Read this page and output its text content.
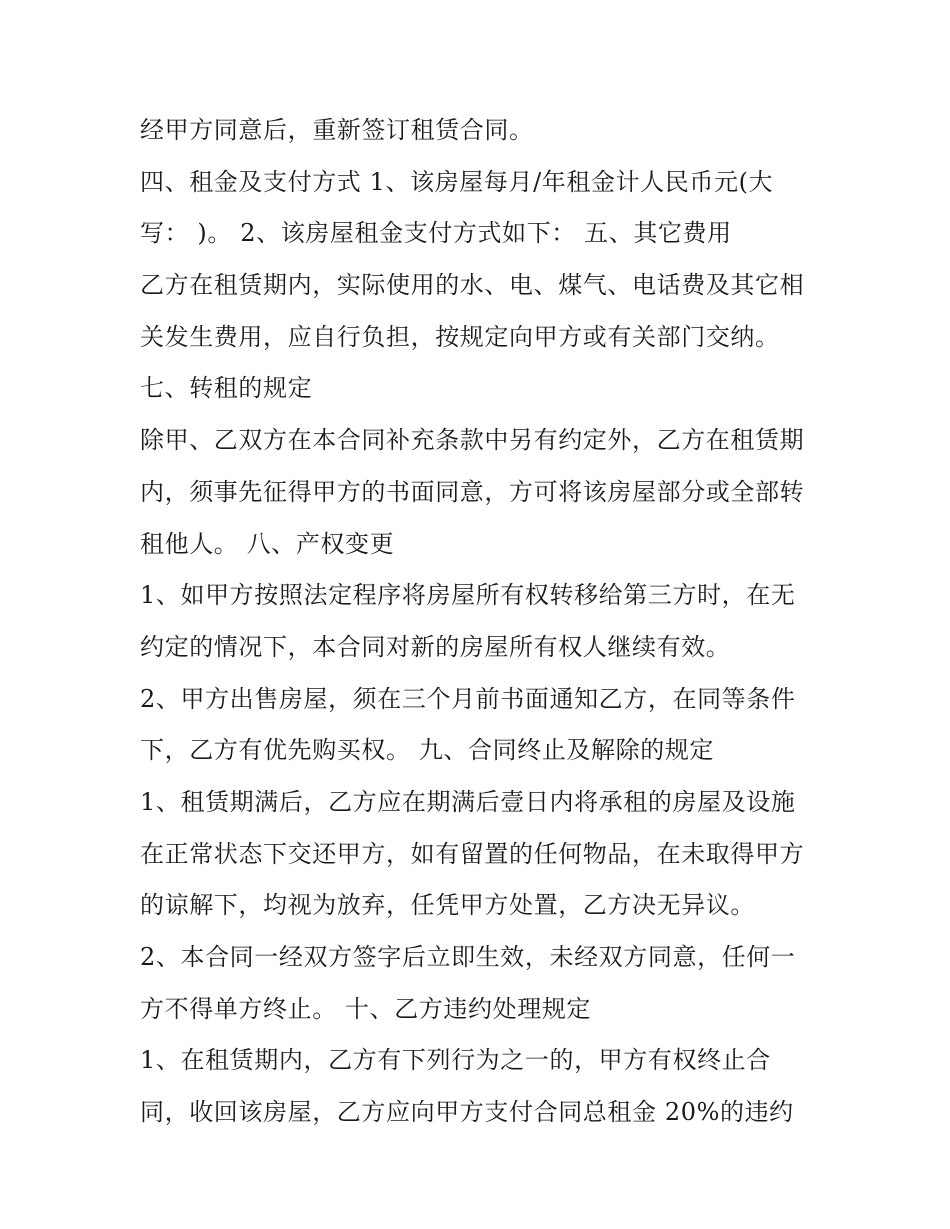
经甲方同意后，重新签订租赁合同。
四、租金及支付方式 1、该房屋每月/年租金计人民币元(大
写： )。 2、该房屋租金支付方式如下： 五、其它费用
乙方在租赁期内，实际使用的水、电、煤气、电话费及其它相
关发生费用，应自行负担，按规定向甲方或有关部门交纳。
七、转租的规定
除甲、乙双方在本合同补充条款中另有约定外，乙方在租赁期
内，须事先征得甲方的书面同意，方可将该房屋部分或全部转
租他人。 八、产权变更
1、如甲方按照法定程序将房屋所有权转移给第三方时，在无
约定的情况下，本合同对新的房屋所有权人继续有效。
2、甲方出售房屋，须在三个月前书面通知乙方，在同等条件
下，乙方有优先购买权。 九、合同终止及解除的规定
1、租赁期满后，乙方应在期满后壹日内将承租的房屋及设施
在正常状态下交还甲方，如有留置的任何物品，在未取得甲方
的谅解下，均视为放弃，任凭甲方处置，乙方决无异议。
2、本合同一经双方签字后立即生效，未经双方同意，任何一
方不得单方终止。 十、乙方违约处理规定
1、在租赁期内，乙方有下列行为之一的，甲方有权终止合
同，收回该房屋，乙方应向甲方支付合同总租金 20%的违约
